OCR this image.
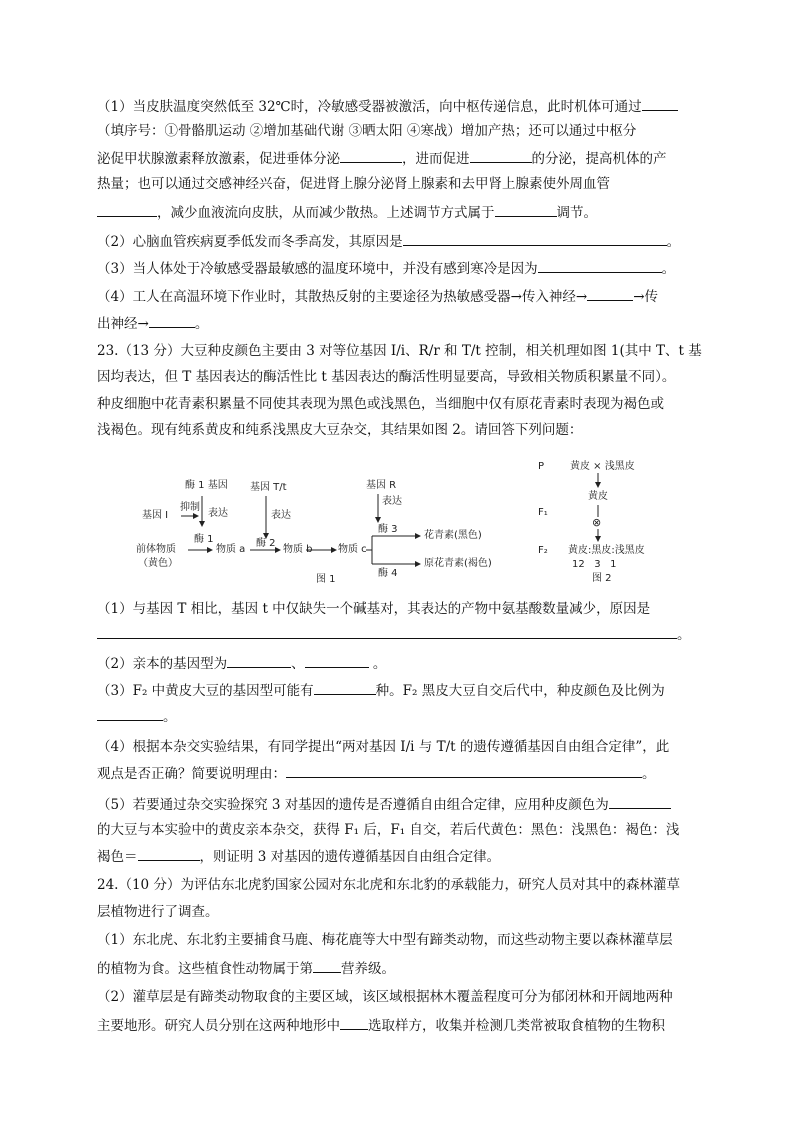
（1）当皮肤温度突然低至 32℃时，冷敏感受器被激活，向中枢传递信息，此时机体可通过
（填序号：①骨骼肌运动 ②增加基础代谢 ③晒太阳 ④寒战）增加产热；还可以通过中枢分
泌促甲状腺激素释放激素，促进垂体分泌	，进而促进	的分泌，提高机体的产
热量；也可以通过交感神经兴奋，促进肾上腺分泌肾上腺素和去甲肾上腺素使外周血管
，减少血液流向皮肤，从而减少散热。上述调节方式属于	调节。
（2）心脑血管疾病夏季低发而冬季高发，其原因是	。
（3）当人体处于冷敏感受器最敏感的温度环境中，并没有感到寒冷是因为	。
（4）工人在高温环境下作业时，其散热反射的主要途径为热敏感受器→传入神经→	→传
出神经→	。
23.（13 分）大豆种皮颜色主要由 3 对等位基因 I/i、R/r 和 T/t 控制，相关机理如图 1(其中 T、t 基
因均表达，但 T 基因表达的酶活性比 t 基因表达的酶活性明显要高，导致相关物质积累量不同）。
种皮细胞中花青素积累量不同使其表现为黑色或浅黑色，当细胞中仅有原花青素时表现为褐色或
浅褐色。现有纯系黄皮和纯系浅黑皮大豆杂交，其结果如图 2。请回答下列问题：
酶 1 基因 基因 T/t	基因 R
基因 I
抑制
表达	表达
表达
酶 1	酶 2
酶 3
酶 4
前体物质
（黄色）
物质 a	物质 b	物质 c
花青素(黑色)
原花青素(褐色)
图 1
P	黄皮 × 浅黑皮
F₁
黄皮
⊗
F₂ 黄皮:黑皮:浅黑皮
12   3   1
图 2
（1）与基因 T 相比，基因 t 中仅缺失一个碱基对，其表达的产物中氨基酸数量减少，原因是
。
（2）亲本的基因型为	、	。
（3）F₂ 中黄皮大豆的基因型可能有	种。F₂ 黑皮大豆自交后代中，种皮颜色及比例为
。
（4）根据本杂交实验结果，有同学提出“两对基因 I/i 与 T/t 的遗传遵循基因自由组合定律”，此
观点是否正确？简要说明理由：	。
（5）若要通过杂交实验探究 3 对基因的遗传是否遵循自由组合定律，应用种皮颜色为
的大豆与本实验中的黄皮亲本杂交，获得 F₁ 后，F₁ 自交，若后代黄色：黑色：浅黑色：褐色：浅
褐色＝	，则证明 3 对基因的遗传遵循基因自由组合定律。
24.（10 分）为评估东北虎豹国家公园对东北虎和东北豹的承载能力，研究人员对其中的森林灌草
层植物进行了调查。
（1）东北虎、东北豹主要捕食马鹿、梅花鹿等大中型有蹄类动物，而这些动物主要以森林灌草层
的植物为食。这些植食性动物属于第 营养级。
（2）灌草层是有蹄类动物取食的主要区域，该区域根据林木覆盖程度可分为郁闭林和开阔地两种
主要地形。研究人员分别在这两种地形中 选取样方，收集并检测几类常被取食植物的生物积
